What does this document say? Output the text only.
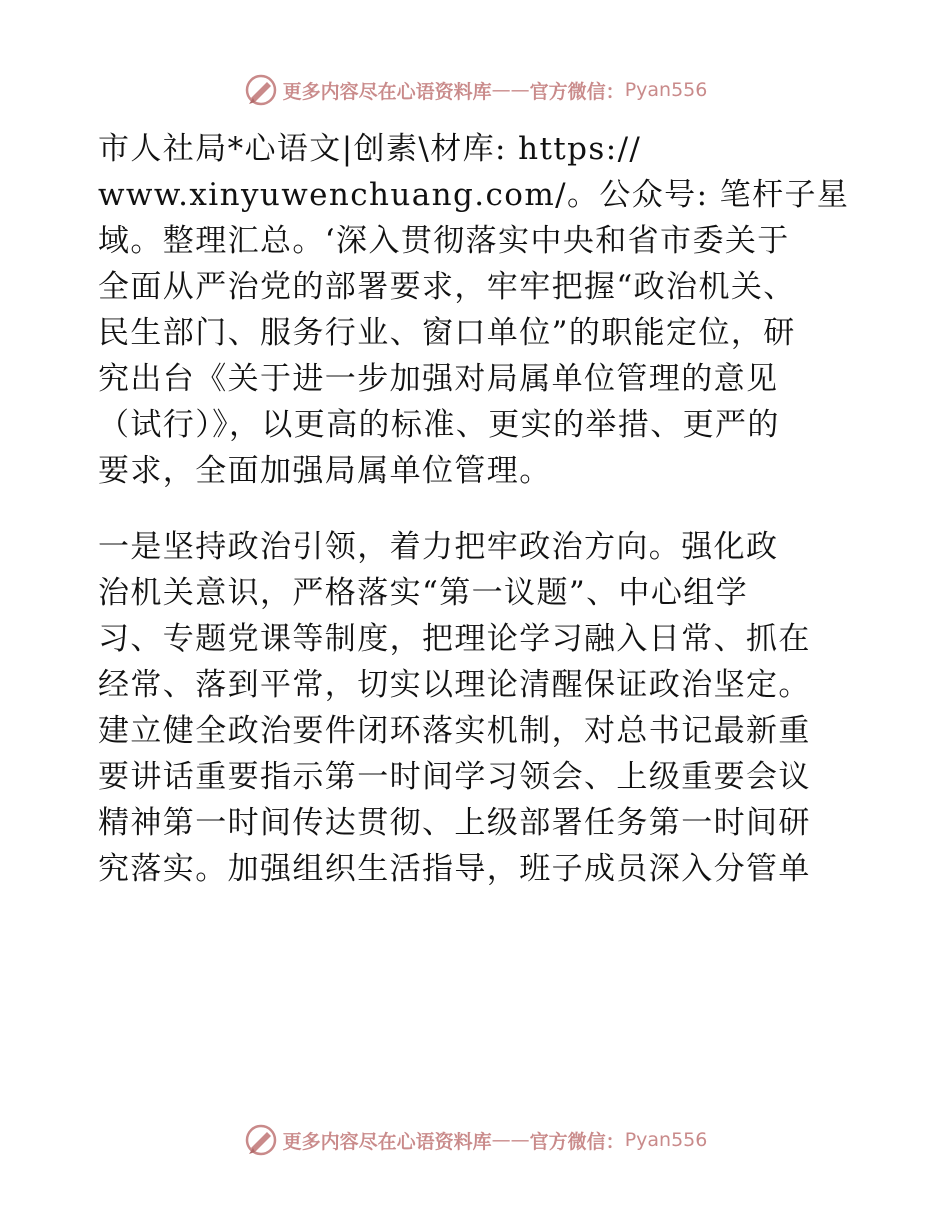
更多内容尽在心语资料库 —— 官方微信： Pyan556

市人社局*心语文|创素\材库: https://
www.xinyuwenchuang.com/。公众号: 笔杆子星
域。整理汇总。‘深入贯彻落实中央和省市委关于
全面从严治党的部署要求，牢牢把握“政治机关、
民生部门、服务行业、窗口单位”的职能定位，研
究出台《关于进一步加强对局属单位管理的意见
（试行）》，以更高的标准、更实的举措、更严的
要求，全面加强局属单位管理。

一是坚持政治引领，着力把牢政治方向。强化政
治机关意识，严格落实“第一议题”、中心组学
习、专题党课等制度，把理论学习融入日常、抓在
经常、落到平常，切实以理论清醒保证政治坚定。
建立健全政治要件闭环落实机制，对总书记最新重
要讲话重要指示第一时间学习领会、上级重要会议
精神第一时间传达贯彻、上级部署任务第一时间研
究落实。加强组织生活指导，班子成员深入分管单

更多内容尽在心语资料库 —— 官方微信： Pyan556
